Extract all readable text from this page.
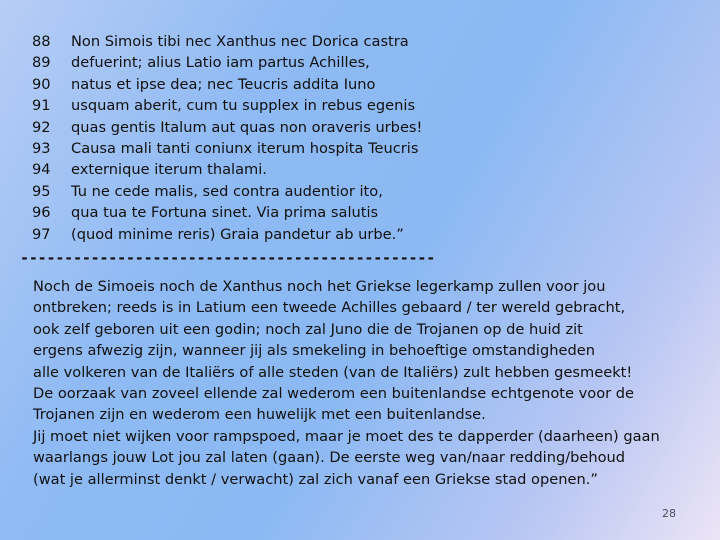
88	Non Simois tibi nec Xanthus nec Dorica castra
89	defuerint; alius Latio iam partus Achilles,
90	natus et ipse dea; nec Teucris addita Iuno
91	usquam aberit, cum tu supplex in rebus egenis
92	quas gentis Italum aut quas non oraveris urbes!
93	Causa mali tanti coniunx iterum hospita Teucris
94	externique iterum thalami.
95	Tu ne cede malis, sed contra audentior ito,
96	qua tua te Fortuna sinet. Via prima salutis
97	(quod minime reris) Graia pandetur ab urbe.”
-----------------------------------------------
Noch de Simoeis noch de Xanthus noch het Griekse legerkamp zullen voor jou
ontbreken; reeds is in Latium een tweede Achilles gebaard / ter wereld gebracht,
ook zelf geboren uit een godin; noch zal Juno die de Trojanen op de huid zit
ergens afwezig zijn, wanneer jij als smekeling in behoeftige omstandigheden
alle volkeren van de Italiërs of alle steden (van de Italiërs) zult hebben gesmeekt!
De oorzaak van zoveel ellende zal wederom een buitenlandse echtgenote voor de
Trojanen zijn en wederom een huwelijk met een buitenlandse.
Jij moet niet wijken voor rampspoed, maar je moet des te dapperder (daarheen) gaan
waarlangs jouw Lot jou zal laten (gaan). De eerste weg van/naar redding/behoud
(wat je allerminst denkt / verwacht) zal zich vanaf een Griekse stad openen.”
28
